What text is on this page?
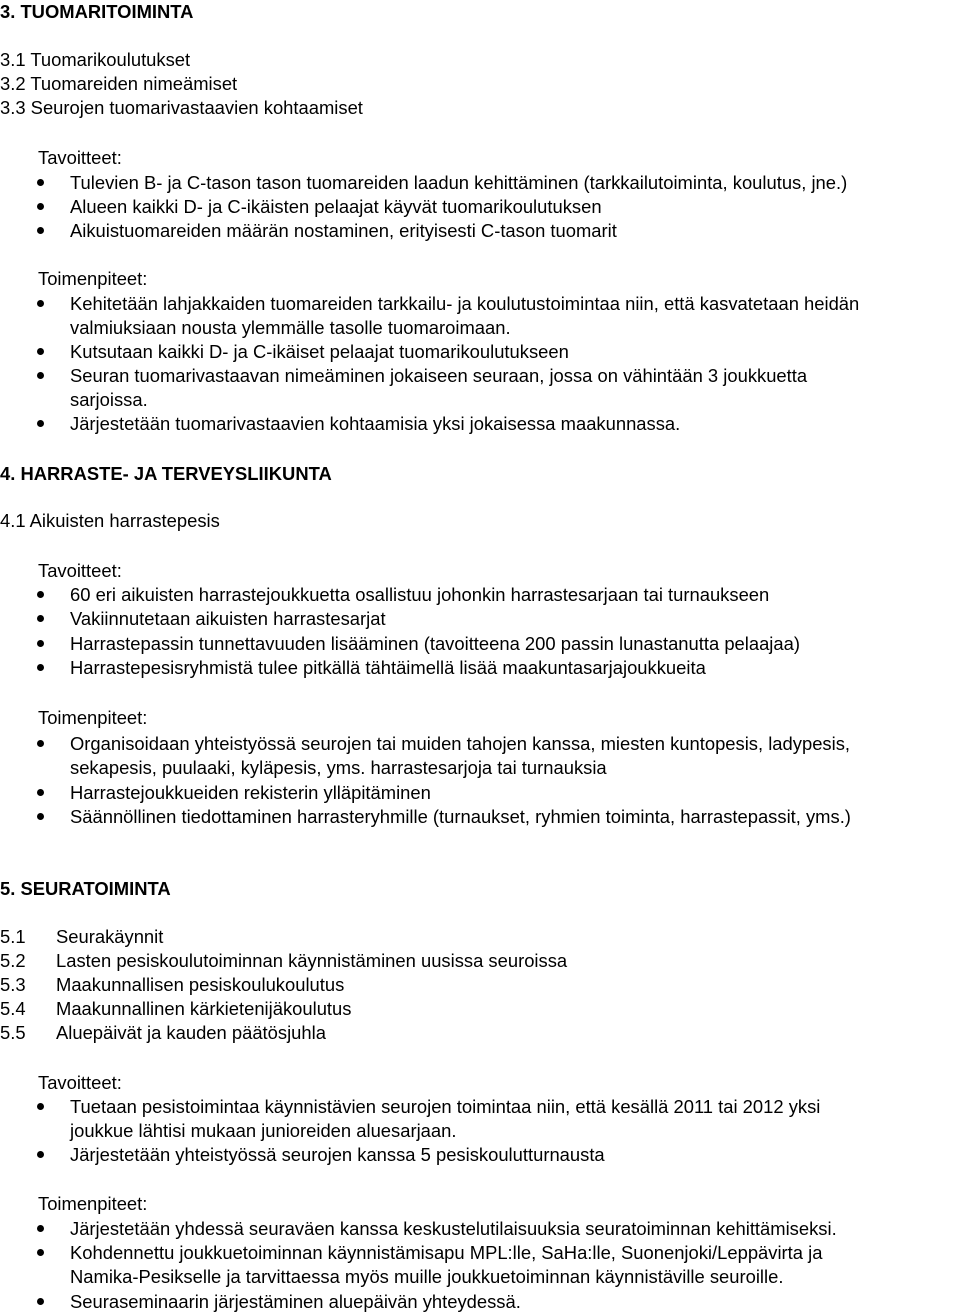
3. TUOMARITOIMINTA
3.1 Tuomarikoulutukset
3.2 Tuomareiden nimeämiset
3.3 Seurojen tuomarivastaavien kohtaamiset
Tavoitteet:
Tulevien B- ja C-tason tason tuomareiden laadun kehittäminen (tarkkailutoiminta, koulutus, jne.)
Alueen kaikki D- ja C-ikäisten pelaajat käyvät tuomarikoulutuksen
Aikuistuomareiden määrän nostaminen, erityisesti C-tason tuomarit
Toimenpiteet:
Kehitetään lahjakkaiden tuomareiden tarkkailu- ja koulutustoimintaa niin, että kasvatetaan heidän
valmiuksiaan nousta ylemmälle tasolle tuomaroimaan.
Kutsutaan kaikki D- ja C-ikäiset pelaajat tuomarikoulutukseen
Seuran tuomarivastaavan nimeäminen jokaiseen seuraan, jossa on vähintään 3 joukkuetta
sarjoissa.
Järjestetään tuomarivastaavien kohtaamisia yksi jokaisessa maakunnassa.
4. HARRASTE- JA TERVEYSLIIKUNTA
4.1 Aikuisten harrastepesis
Tavoitteet:
60 eri aikuisten harrastejoukkuetta osallistuu johonkin harrastesarjaan tai turnaukseen
Vakiinnutetaan aikuisten harrastesarjat
Harrastepassin tunnettavuuden lisääminen (tavoitteena 200 passin lunastanutta pelaajaa)
Harrastepesisryhmistä tulee pitkällä tähtäimellä lisää maakuntasarjajoukkueita
Toimenpiteet:
Organisoidaan yhteistyössä seurojen tai muiden tahojen kanssa, miesten kuntopesis, ladypesis,
sekapesis, puulaaki, kyläpesis, yms. harrastesarjoja tai turnauksia
Harrastejoukkueiden rekisterin ylläpitäminen
Säännöllinen tiedottaminen harrasteryhmille (turnaukset, ryhmien toiminta, harrastepassit, yms.)
5. SEURATOIMINTA
5.1 Seurakäynnit
5.2 Lasten pesiskoulutoiminnan käynnistäminen uusissa seuroissa
5.3 Maakunnallisen pesiskoulukoulutus
5.4 Maakunnallinen kärkietenijäkoulutus
5.5 Aluepäivät ja kauden päätösjuhla
Tavoitteet:
Tuetaan pesistoimintaa käynnistävien seurojen toimintaa niin, että kesällä 2011 tai 2012 yksi
joukkue lähtisi mukaan junioreiden aluesarjaan.
Järjestetään yhteistyössä seurojen kanssa 5 pesiskoulutturnausta
Toimenpiteet:
Järjestetään yhdessä seuraväen kanssa keskustelutilaisuuksia seuratoiminnan kehittämiseksi.
Kohdennettu joukkuetoiminnan käynnistämisapu MPL:lle, SaHa:lle, Suonenjoki/Leppävirta ja
Namika-Pesikselle ja tarvittaessa myös muille joukkuetoiminnan käynnistäville seuroille.
Seuraseminaarin järjestäminen aluepäivän yhteydessä.
